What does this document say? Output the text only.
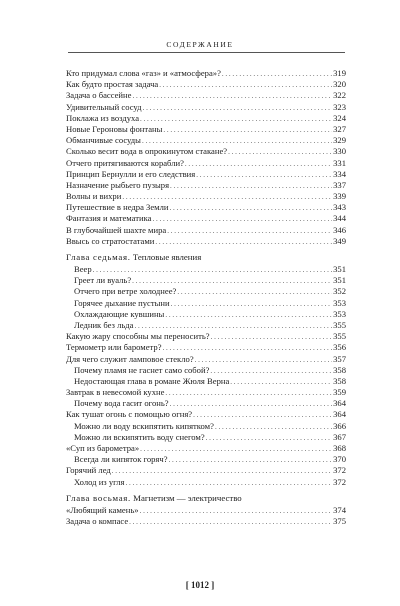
СОДЕРЖАНИЕ
Кто придумал слова «газ» и «атмосфера»? . . .	319
Как будто простая задача . . .	320
Задача о бассейне . . .	322
Удивительный сосуд . . .	323
Поклажа из воздуха . . .	324
Новые Героновы фонтаны . . .	327
Обманчивые сосуды . . .	329
Сколько весит вода в опрокинутом стакане? . . .	330
Отчего притягиваются корабли? . . .	331
Принцип Бернулли и его следствия . . .	334
Назначение рыбьего пузыря . . .	337
Волны и вихри . . .	339
Путешествие в недра Земли . . .	343
Фантазия и математика . . .	344
В глубочайшей шахте мира . . .	346
Ввысь со стратостатами . . .	349
Глава седьмая. Тепловые явления
Веер . . .	351
Греет ли вуаль? . . .	351
Отчего при ветре холоднее? . . .	352
Горячее дыхание пустыни . . .	353
Охлаждающие кувшины . . .	353
Ледник без льда . . .	355
Какую жару способны мы переносить? . . .	355
Термометр или барометр? . . .	356
Для чего служит ламповое стекло? . . .	357
Почему пламя не гаснет само собой? . . .	358
Недостающая глава в романе Жюля Верна . . .	358
Завтрак в невесомой кухне . . .	359
Почему вода гасит огонь? . . .	364
Как тушат огонь с помощью огня? . . .	364
Можно ли воду вскипятить кипятком? . . .	366
Можно ли вскипятить воду снегом? . . .	367
«Суп из барометра» . . .	368
Всегда ли кипяток горяч? . . .	370
Горячий лед . . .	372
Холод из угля . . .	372
Глава восьмая. Магнетизм — электричество
«Любящий камень» . . .	374
Задача о компасе . . .	375
[ 1012 ]
